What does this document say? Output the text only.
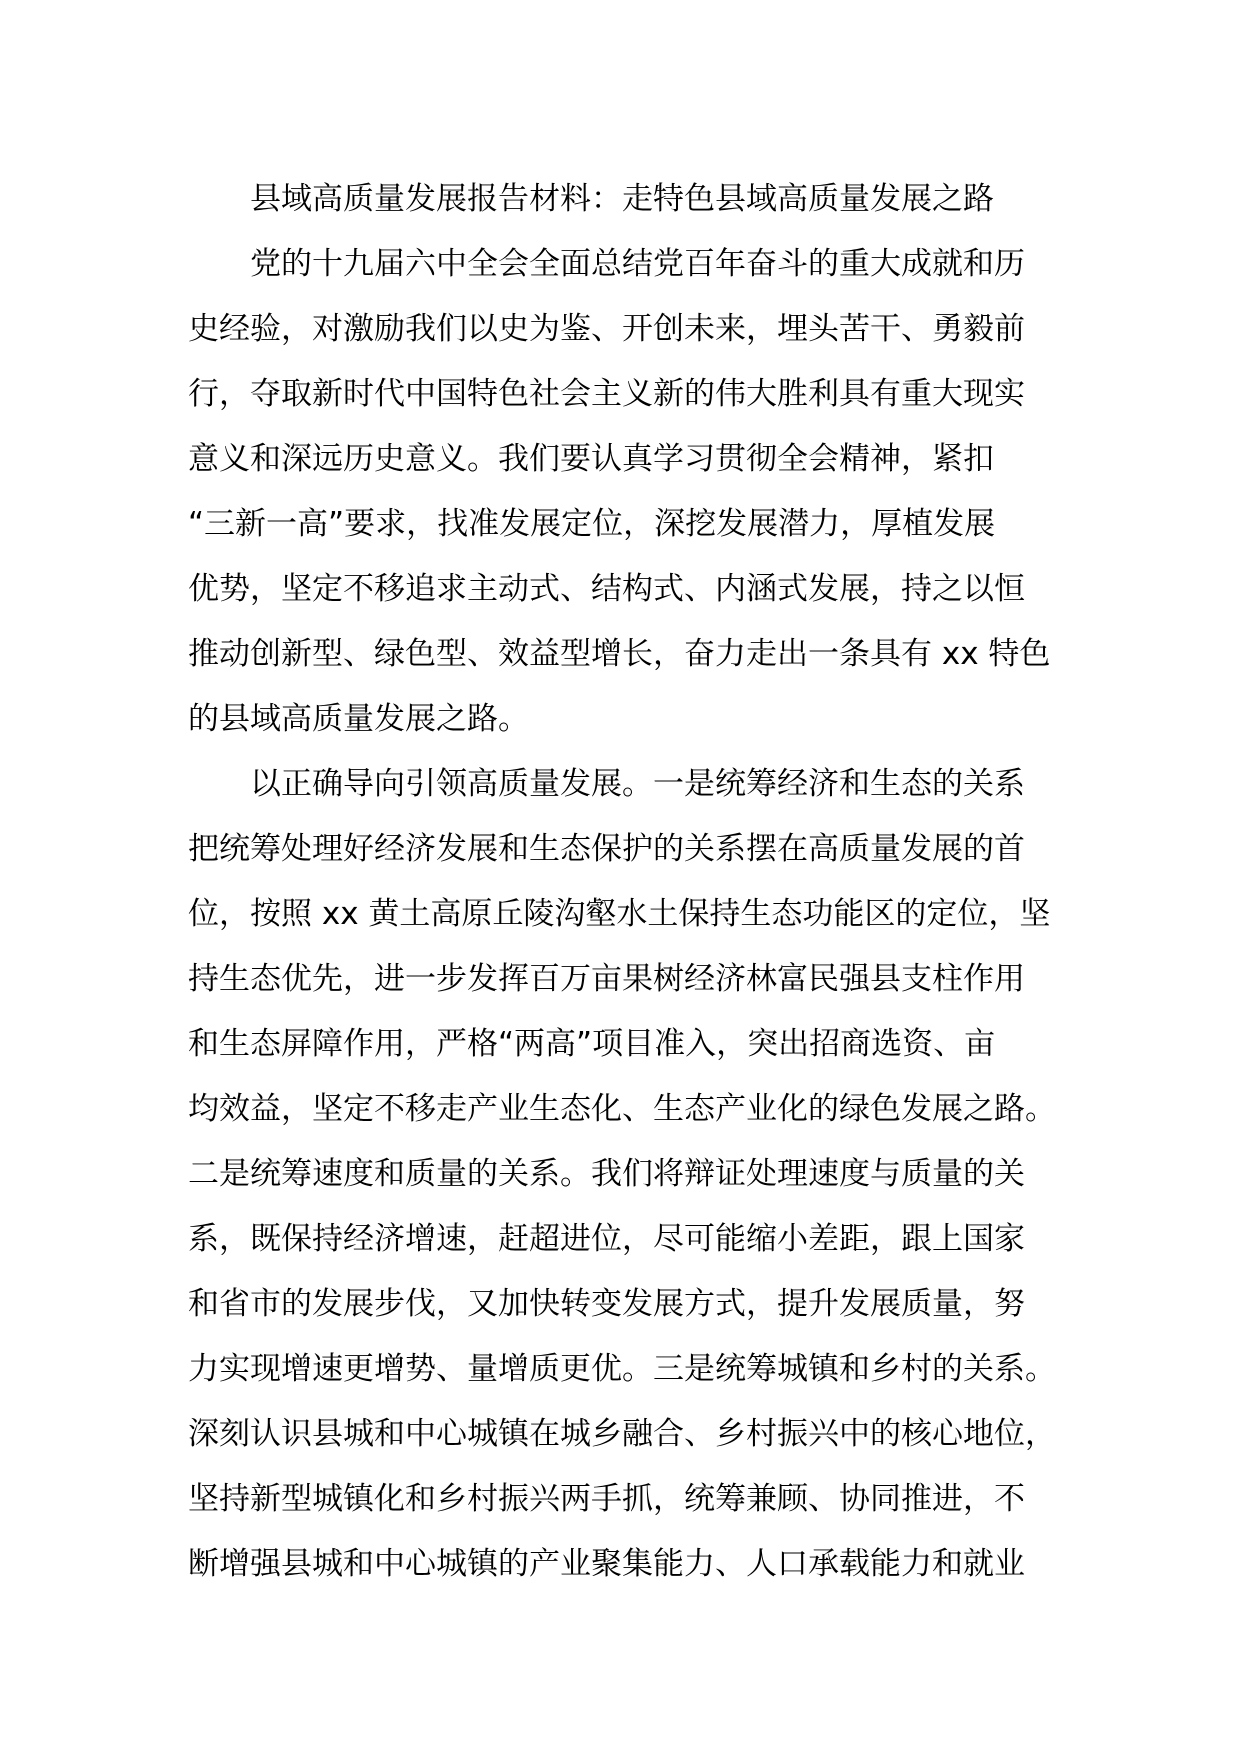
县域高质量发展报告材料：走特色县域高质量发展之路
党的十九届六中全会全面总结党百年奋斗的重大成就和历
史经验，对激励我们以史为鉴、开创未来，埋头苦干、勇毅前
行，夺取新时代中国特色社会主义新的伟大胜利具有重大现实
意义和深远历史意义。我们要认真学习贯彻全会精神，紧扣
“三新一高”要求，找准发展定位，深挖发展潜力，厚植发展
优势，坚定不移追求主动式、结构式、内涵式发展，持之以恒
推动创新型、绿色型、效益型增长，奋力走出一条具有 xx 特色
的县域高质量发展之路。
以正确导向引领高质量发展。一是统筹经济和生态的关系
把统筹处理好经济发展和生态保护的关系摆在高质量发展的首
位，按照 xx 黄土高原丘陵沟壑水土保持生态功能区的定位，坚
持生态优先，进一步发挥百万亩果树经济林富民强县支柱作用
和生态屏障作用，严格“两高”项目准入，突出招商选资、亩
均效益，坚定不移走产业生态化、生态产业化的绿色发展之路。
二是统筹速度和质量的关系。我们将辩证处理速度与质量的关
系，既保持经济增速，赶超进位，尽可能缩小差距，跟上国家
和省市的发展步伐，又加快转变发展方式，提升发展质量，努
力实现增速更增势、量增质更优。三是统筹城镇和乡村的关系。
深刻认识县城和中心城镇在城乡融合、乡村振兴中的核心地位，
坚持新型城镇化和乡村振兴两手抓，统筹兼顾、协同推进，不
断增强县城和中心城镇的产业聚集能力、人口承载能力和就业
